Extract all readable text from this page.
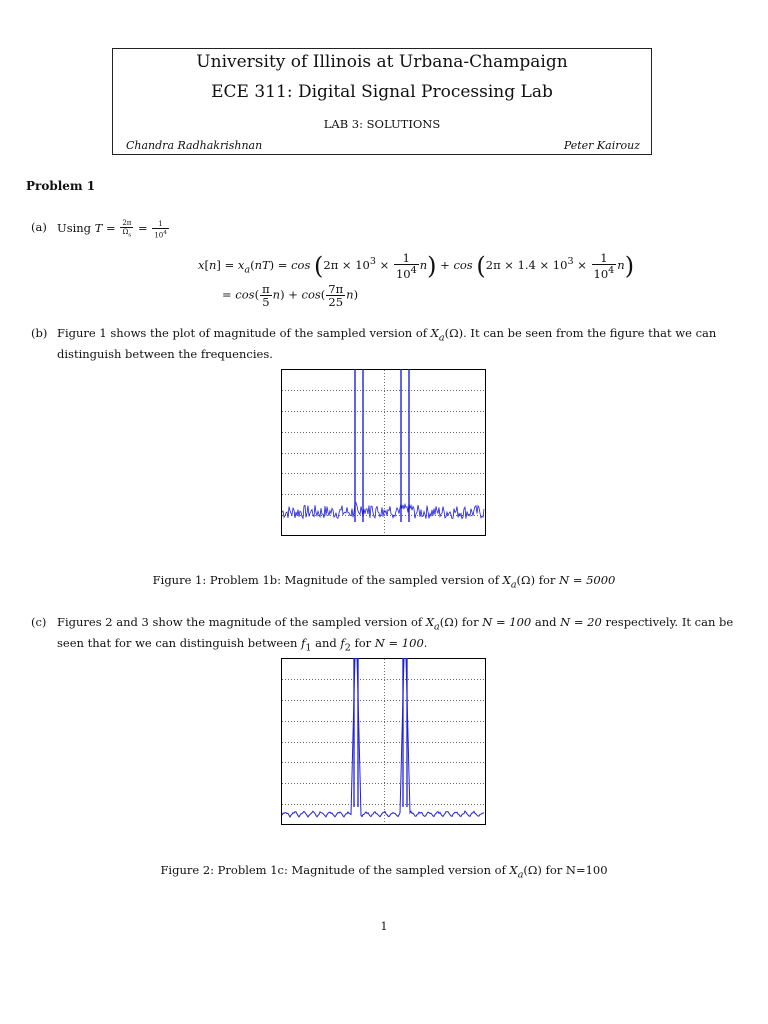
University of Illinois at Urbana-Champaign
ECE 311: Digital Signal Processing Lab
LAB 3: SOLUTIONS
Chandra Radhakrishnan	Peter Kairouz
Problem 1
(a) Using $T = \frac{2\pi}{\Omega_s} = \frac{1}{10^4}$
$x[n] = x_a(nT) = \cos (2\pi \times 10^3 \times \frac{1}{10^4} n) + \cos (2\pi \times 1.4 \times 10^3 \times \frac{1}{10^4} n)$
= $\cos( \frac{\pi}{5} n) + \cos( \frac{7\pi}{25} n)$
(b) Figure 1 shows the plot of magnitude of the sampled version of $X_a(\Omega)$. It can be seen from the figure that we can distinguish between the frequencies.
Figure 1: Problem 1b: Magnitude of the sampled version of $X_a(\Omega)$ for N = 5000
(c) Figures 2 and 3 show the magnitude of the sampled version of $X_a(\Omega)$ for N = 100 and N = 20 respectively. It can be seen that for we can distinguish between $f_1$ and $f_2$ for N = 100.
Figure 2: Problem 1c: Magnitude of the sampled version of $X_a(\Omega)$ for N=100
1
